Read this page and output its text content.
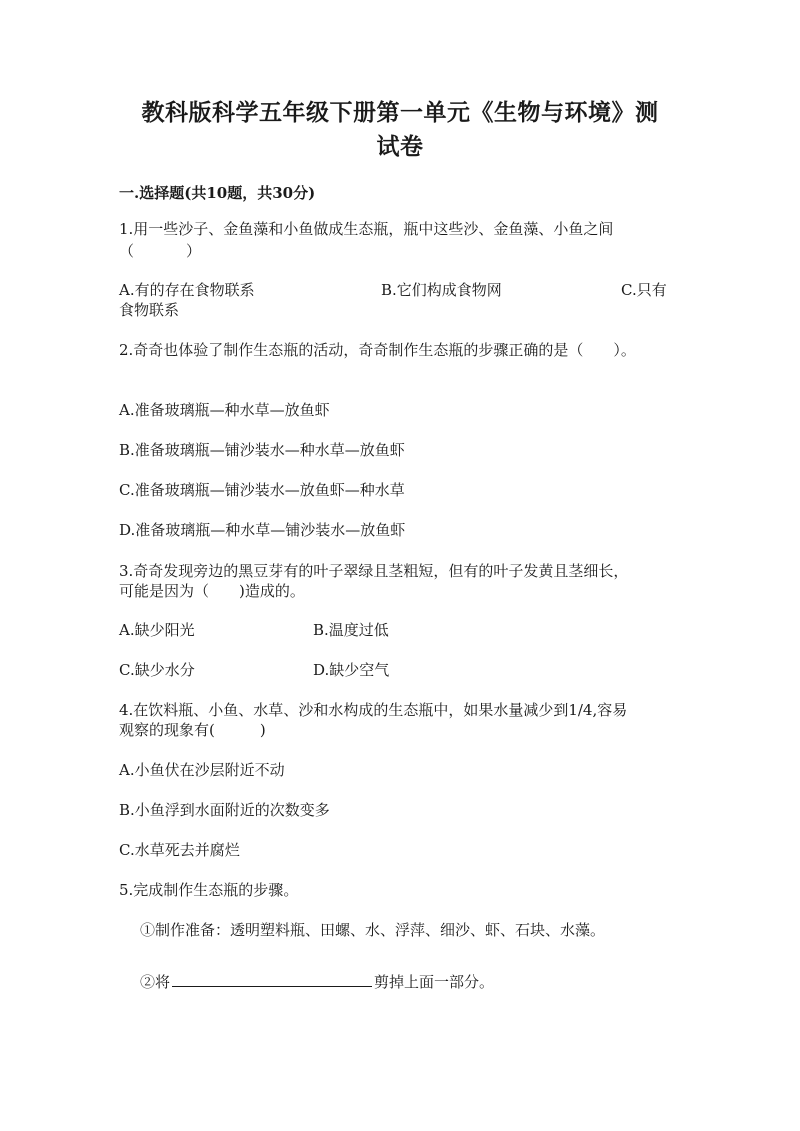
教科版科学五年级下册第一单元《生物与环境》测
试卷
一.选择题(共10题，共30分)
1.用一些沙子、金鱼藻和小鱼做成生态瓶，瓶中这些沙、金鱼藻、小鱼之间
（	）
A.有的存在食物联系	B.它们构成食物网	C.只有
食物联系
2.奇奇也体验了制作生态瓶的活动，奇奇制作生态瓶的步骤正确的是（　　）。
A.准备玻璃瓶—种水草—放鱼虾
B.准备玻璃瓶—铺沙装水—种水草—放鱼虾
C.准备玻璃瓶—铺沙装水—放鱼虾—种水草
D.准备玻璃瓶—种水草—铺沙装水—放鱼虾
3.奇奇发现旁边的黑豆芽有的叶子翠绿且茎粗短，但有的叶子发黄且茎细长，
可能是因为（　　)造成的。
A.缺少阳光	B.温度过低
C.缺少水分	D.缺少空气
4.在饮料瓶、小鱼、水草、沙和水构成的生态瓶中，如果水量减少到1/4,容易
观察的现象有(　　　)
A.小鱼伏在沙层附近不动
B.小鱼浮到水面附近的次数变多
C.水草死去并腐烂
5.完成制作生态瓶的步骤。
①制作准备：透明塑料瓶、田螺、水、浮萍、细沙、虾、石块、水藻。
②将	剪掉上面一部分。
